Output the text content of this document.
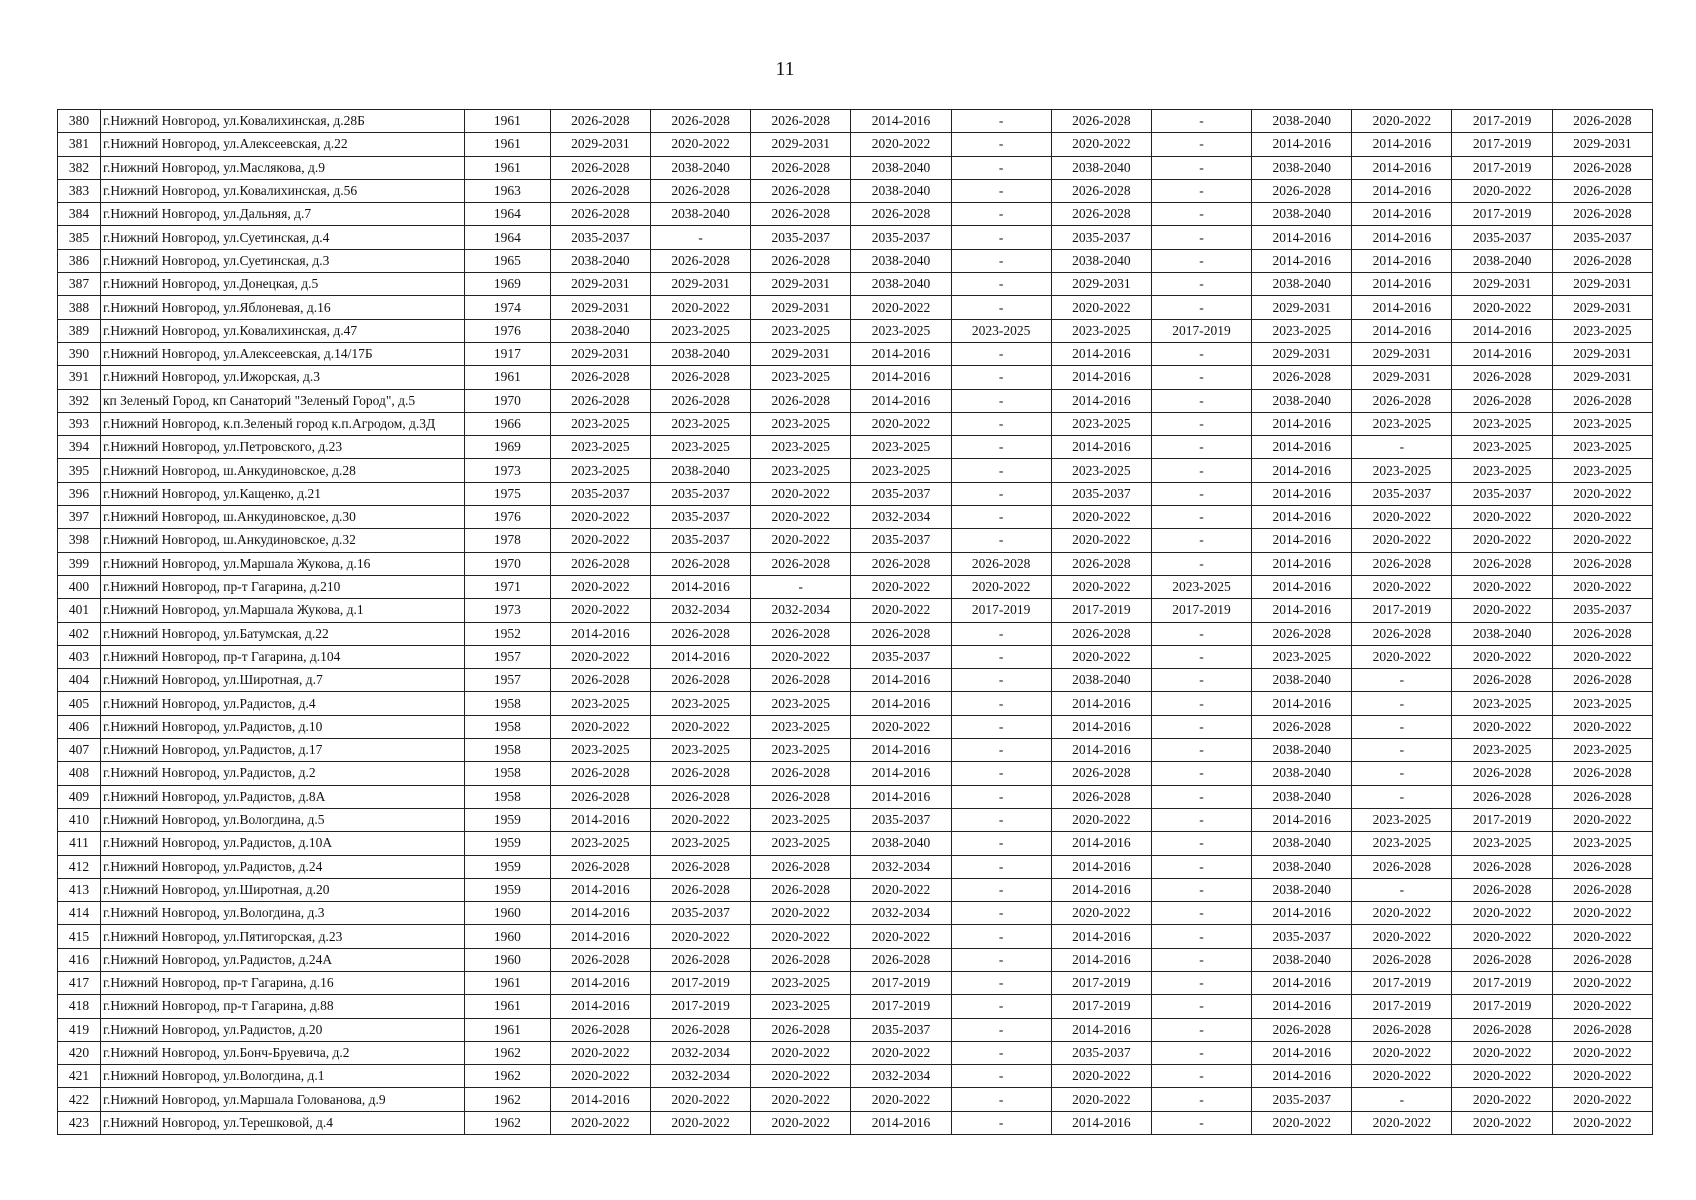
11
380	г.Нижний Новгород, ул.Ковалихинская, д.28Б	1961	2026-2028	2026-2028	2026-2028	2014-2016	-	2026-2028	-	2038-2040	2020-2022	2017-2019	2026-2028
381	г.Нижний Новгород, ул.Алексеевская, д.22	1961	2029-2031	2020-2022	2029-2031	2020-2022	-	2020-2022	-	2014-2016	2014-2016	2017-2019	2029-2031
382	г.Нижний Новгород, ул.Маслякова, д.9	1961	2026-2028	2038-2040	2026-2028	2038-2040	-	2038-2040	-	2038-2040	2014-2016	2017-2019	2026-2028
383	г.Нижний Новгород, ул.Ковалихинская, д.56	1963	2026-2028	2026-2028	2026-2028	2038-2040	-	2026-2028	-	2026-2028	2014-2016	2020-2022	2026-2028
384	г.Нижний Новгород, ул.Дальняя, д.7	1964	2026-2028	2038-2040	2026-2028	2026-2028	-	2026-2028	-	2038-2040	2014-2016	2017-2019	2026-2028
385	г.Нижний Новгород, ул.Суетинская, д.4	1964	2035-2037	-	2035-2037	2035-2037	-	2035-2037	-	2014-2016	2014-2016	2035-2037	2035-2037
386	г.Нижний Новгород, ул.Суетинская, д.3	1965	2038-2040	2026-2028	2026-2028	2038-2040	-	2038-2040	-	2014-2016	2014-2016	2038-2040	2026-2028
387	г.Нижний Новгород, ул.Донецкая, д.5	1969	2029-2031	2029-2031	2029-2031	2038-2040	-	2029-2031	-	2038-2040	2014-2016	2029-2031	2029-2031
388	г.Нижний Новгород, ул.Яблоневая, д.16	1974	2029-2031	2020-2022	2029-2031	2020-2022	-	2020-2022	-	2029-2031	2014-2016	2020-2022	2029-2031
389	г.Нижний Новгород, ул.Ковалихинская, д.47	1976	2038-2040	2023-2025	2023-2025	2023-2025	2023-2025	2023-2025	2017-2019	2023-2025	2014-2016	2014-2016	2023-2025
390	г.Нижний Новгород, ул.Алексеевская, д.14/17Б	1917	2029-2031	2038-2040	2029-2031	2014-2016	-	2014-2016	-	2029-2031	2029-2031	2014-2016	2029-2031
391	г.Нижний Новгород, ул.Ижорская, д.3	1961	2026-2028	2026-2028	2023-2025	2014-2016	-	2014-2016	-	2026-2028	2029-2031	2026-2028	2029-2031
392	кп Зеленый Город, кп Санаторий "Зеленый Город", д.5	1970	2026-2028	2026-2028	2026-2028	2014-2016	-	2014-2016	-	2038-2040	2026-2028	2026-2028	2026-2028
393	г.Нижний Новгород, к.п.Зеленый город к.п.Агродом, д.3Д	1966	2023-2025	2023-2025	2023-2025	2020-2022	-	2023-2025	-	2014-2016	2023-2025	2023-2025	2023-2025
394	г.Нижний Новгород, ул.Петровского, д.23	1969	2023-2025	2023-2025	2023-2025	2023-2025	-	2014-2016	-	2014-2016	-	2023-2025	2023-2025
395	г.Нижний Новгород, ш.Анкудиновское, д.28	1973	2023-2025	2038-2040	2023-2025	2023-2025	-	2023-2025	-	2014-2016	2023-2025	2023-2025	2023-2025
396	г.Нижний Новгород, ул.Кащенко, д.21	1975	2035-2037	2035-2037	2020-2022	2035-2037	-	2035-2037	-	2014-2016	2035-2037	2035-2037	2020-2022
397	г.Нижний Новгород, ш.Анкудиновское, д.30	1976	2020-2022	2035-2037	2020-2022	2032-2034	-	2020-2022	-	2014-2016	2020-2022	2020-2022	2020-2022
398	г.Нижний Новгород, ш.Анкудиновское, д.32	1978	2020-2022	2035-2037	2020-2022	2035-2037	-	2020-2022	-	2014-2016	2020-2022	2020-2022	2020-2022
399	г.Нижний Новгород, ул.Маршала Жукова, д.16	1970	2026-2028	2026-2028	2026-2028	2026-2028	2026-2028	2026-2028	-	2014-2016	2026-2028	2026-2028	2026-2028
400	г.Нижний Новгород, пр-т Гагарина, д.210	1971	2020-2022	2014-2016	-	2020-2022	2020-2022	2020-2022	2023-2025	2014-2016	2020-2022	2020-2022	2020-2022
401	г.Нижний Новгород, ул.Маршала Жукова, д.1	1973	2020-2022	2032-2034	2032-2034	2020-2022	2017-2019	2017-2019	2017-2019	2014-2016	2017-2019	2020-2022	2035-2037
402	г.Нижний Новгород, ул.Батумская, д.22	1952	2014-2016	2026-2028	2026-2028	2026-2028	-	2026-2028	-	2026-2028	2026-2028	2038-2040	2026-2028
403	г.Нижний Новгород, пр-т Гагарина, д.104	1957	2020-2022	2014-2016	2020-2022	2035-2037	-	2020-2022	-	2023-2025	2020-2022	2020-2022	2020-2022
404	г.Нижний Новгород, ул.Широтная, д.7	1957	2026-2028	2026-2028	2026-2028	2014-2016	-	2038-2040	-	2038-2040	-	2026-2028	2026-2028
405	г.Нижний Новгород, ул.Радистов, д.4	1958	2023-2025	2023-2025	2023-2025	2014-2016	-	2014-2016	-	2014-2016	-	2023-2025	2023-2025
406	г.Нижний Новгород, ул.Радистов, д.10	1958	2020-2022	2020-2022	2023-2025	2020-2022	-	2014-2016	-	2026-2028	-	2020-2022	2020-2022
407	г.Нижний Новгород, ул.Радистов, д.17	1958	2023-2025	2023-2025	2023-2025	2014-2016	-	2014-2016	-	2038-2040	-	2023-2025	2023-2025
408	г.Нижний Новгород, ул.Радистов, д.2	1958	2026-2028	2026-2028	2026-2028	2014-2016	-	2026-2028	-	2038-2040	-	2026-2028	2026-2028
409	г.Нижний Новгород, ул.Радистов, д.8А	1958	2026-2028	2026-2028	2026-2028	2014-2016	-	2026-2028	-	2038-2040	-	2026-2028	2026-2028
410	г.Нижний Новгород, ул.Вологдина, д.5	1959	2014-2016	2020-2022	2023-2025	2035-2037	-	2020-2022	-	2014-2016	2023-2025	2017-2019	2020-2022
411	г.Нижний Новгород, ул.Радистов, д.10А	1959	2023-2025	2023-2025	2023-2025	2038-2040	-	2014-2016	-	2038-2040	2023-2025	2023-2025	2023-2025
412	г.Нижний Новгород, ул.Радистов, д.24	1959	2026-2028	2026-2028	2026-2028	2032-2034	-	2014-2016	-	2038-2040	2026-2028	2026-2028	2026-2028
413	г.Нижний Новгород, ул.Широтная, д.20	1959	2014-2016	2026-2028	2026-2028	2020-2022	-	2014-2016	-	2038-2040	-	2026-2028	2026-2028
414	г.Нижний Новгород, ул.Вологдина, д.3	1960	2014-2016	2035-2037	2020-2022	2032-2034	-	2020-2022	-	2014-2016	2020-2022	2020-2022	2020-2022
415	г.Нижний Новгород, ул.Пятигорская, д.23	1960	2014-2016	2020-2022	2020-2022	2020-2022	-	2014-2016	-	2035-2037	2020-2022	2020-2022	2020-2022
416	г.Нижний Новгород, ул.Радистов, д.24А	1960	2026-2028	2026-2028	2026-2028	2026-2028	-	2014-2016	-	2038-2040	2026-2028	2026-2028	2026-2028
417	г.Нижний Новгород, пр-т Гагарина, д.16	1961	2014-2016	2017-2019	2023-2025	2017-2019	-	2017-2019	-	2014-2016	2017-2019	2017-2019	2020-2022
418	г.Нижний Новгород, пр-т Гагарина, д.88	1961	2014-2016	2017-2019	2023-2025	2017-2019	-	2017-2019	-	2014-2016	2017-2019	2017-2019	2020-2022
419	г.Нижний Новгород, ул.Радистов, д.20	1961	2026-2028	2026-2028	2026-2028	2035-2037	-	2014-2016	-	2026-2028	2026-2028	2026-2028	2026-2028
420	г.Нижний Новгород, ул.Бонч-Бруевича, д.2	1962	2020-2022	2032-2034	2020-2022	2020-2022	-	2035-2037	-	2014-2016	2020-2022	2020-2022	2020-2022
421	г.Нижний Новгород, ул.Вологдина, д.1	1962	2020-2022	2032-2034	2020-2022	2032-2034	-	2020-2022	-	2014-2016	2020-2022	2020-2022	2020-2022
422	г.Нижний Новгород, ул.Маршала Голованова, д.9	1962	2014-2016	2020-2022	2020-2022	2020-2022	-	2020-2022	-	2035-2037	-	2020-2022	2020-2022
423	г.Нижний Новгород, ул.Терешковой, д.4	1962	2020-2022	2020-2022	2020-2022	2014-2016	-	2014-2016	-	2020-2022	2020-2022	2020-2022	2020-2022
